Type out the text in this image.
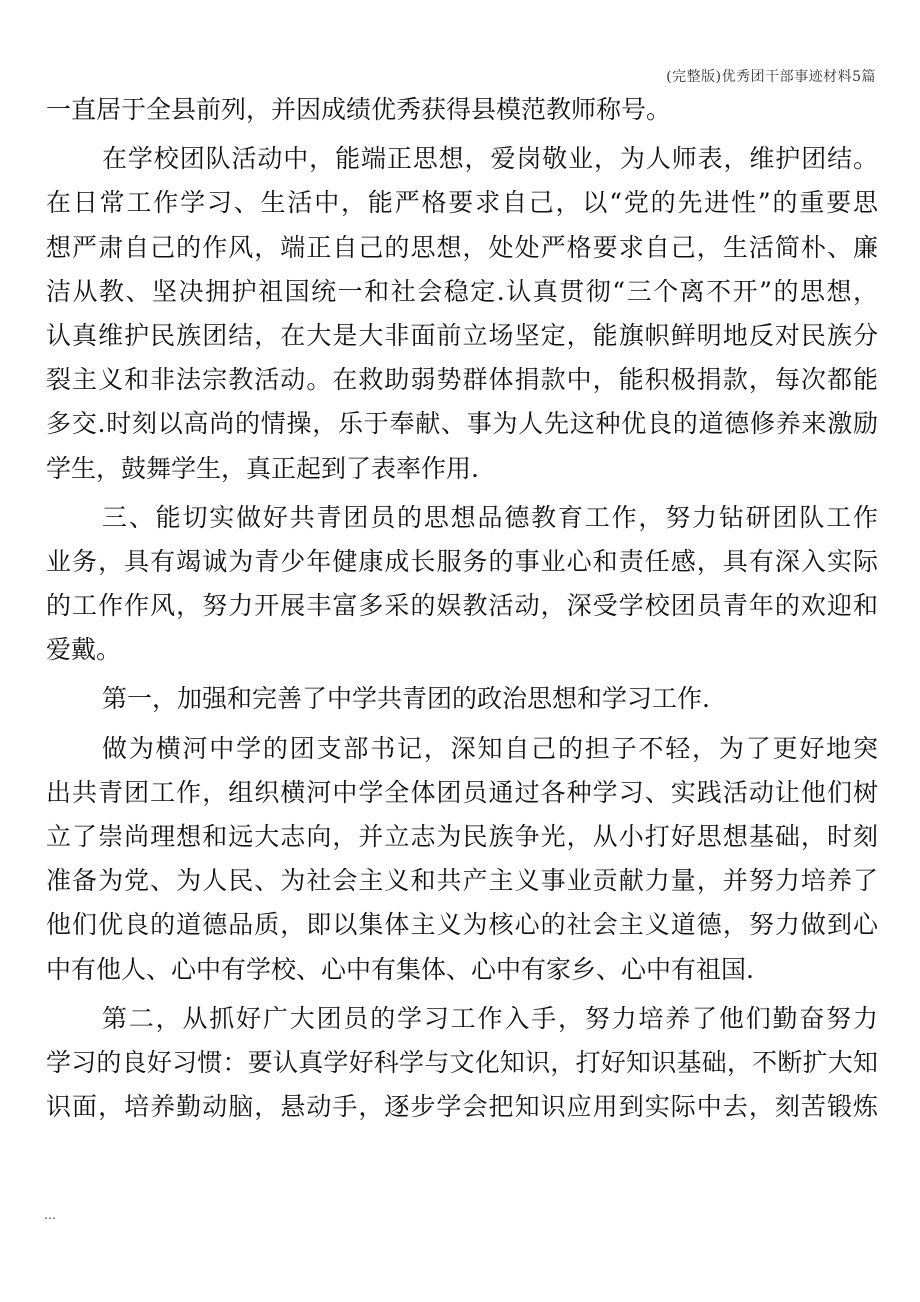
(完整版)优秀团干部事迹材料5篇
一直居于全县前列，并因成绩优秀获得县模范教师称号。
在学校团队活动中，能端正思想，爱岗敬业，为人师表，维护团结。
在日常工作学习、生活中，能严格要求自己，以“党的先进性”的重要思
想严肃自己的作风，端正自己的思想，处处严格要求自己，生活简朴、廉
洁从教、坚决拥护祖国统一和社会稳定.认真贯彻“三个离不开”的思想，
认真维护民族团结，在大是大非面前立场坚定，能旗帜鲜明地反对民族分
裂主义和非法宗教活动。在救助弱势群体捐款中，能积极捐款，每次都能
多交.时刻以高尚的情操，乐于奉献、事为人先这种优良的道德修养来激励
学生，鼓舞学生，真正起到了表率作用.
三、能切实做好共青团员的思想品德教育工作，努力钻研团队工作
业务，具有竭诚为青少年健康成长服务的事业心和责任感，具有深入实际
的工作作风，努力开展丰富多采的娱教活动，深受学校团员青年的欢迎和
爱戴。
第一，加强和完善了中学共青团的政治思想和学习工作.
做为横河中学的团支部书记，深知自己的担子不轻，为了更好地突
出共青团工作，组织横河中学全体团员通过各种学习、实践活动让他们树
立了崇尚理想和远大志向，并立志为民族争光，从小打好思想基础，时刻
准备为党、为人民、为社会主义和共产主义事业贡献力量，并努力培养了
他们优良的道德品质，即以集体主义为核心的社会主义道德，努力做到心
中有他人、心中有学校、心中有集体、心中有家乡、心中有祖国.
第二，从抓好广大团员的学习工作入手，努力培养了他们勤奋努力
学习的良好习惯：要认真学好科学与文化知识，打好知识基础，不断扩大知
识面，培养勤动脑，悬动手，逐步学会把知识应用到实际中去，刻苦锻炼
…
